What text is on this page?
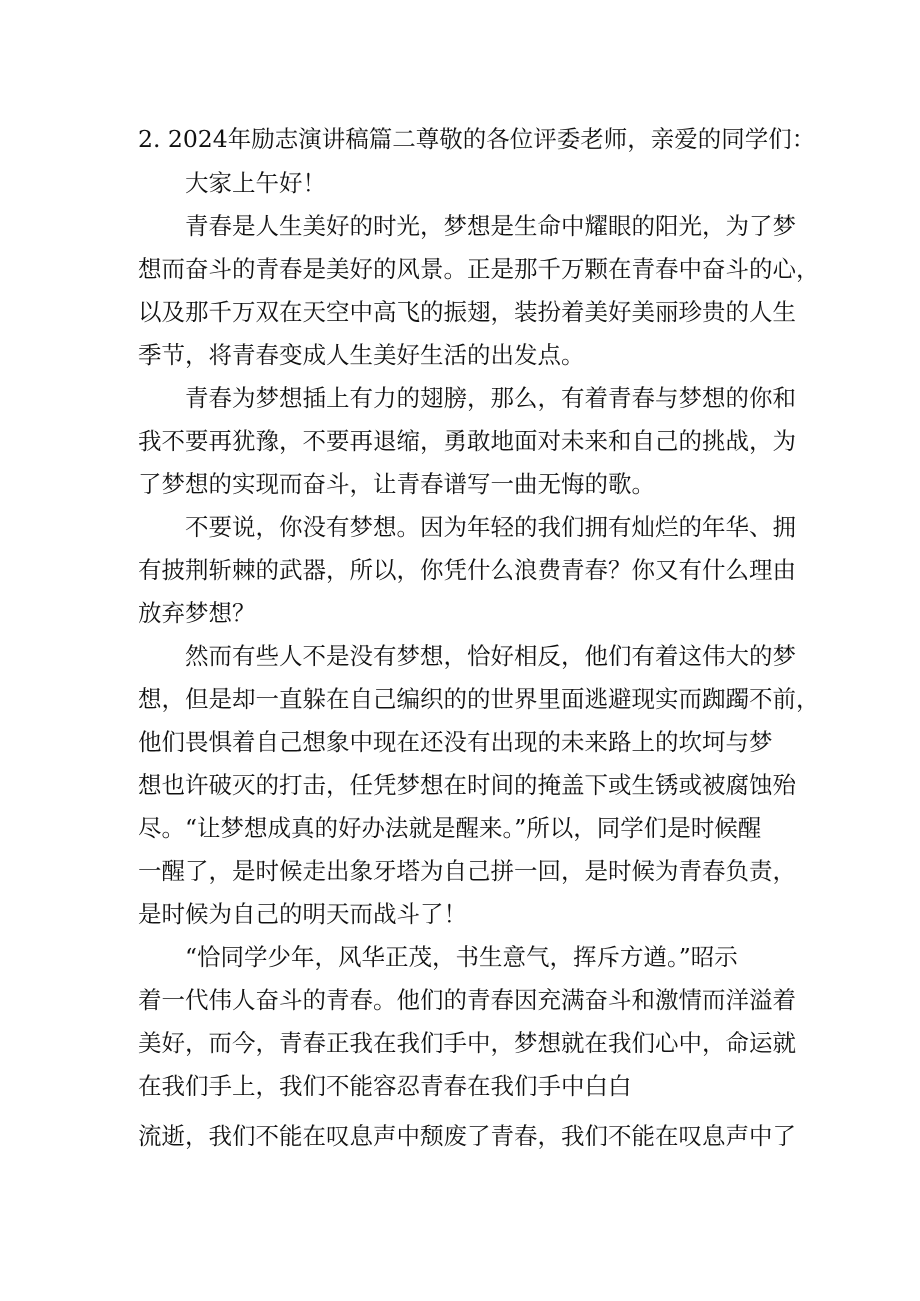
2. 2024年励志演讲稿篇二尊敬的各位评委老师，亲爱的同学们：
大家上午好！
青春是人生美好的时光，梦想是生命中耀眼的阳光，为了梦
想而奋斗的青春是美好的风景。正是那千万颗在青春中奋斗的心，
以及那千万双在天空中高飞的振翅，装扮着美好美丽珍贵的人生
季节，将青春变成人生美好生活的出发点。
青春为梦想插上有力的翅膀，那么，有着青春与梦想的你和
我不要再犹豫，不要再退缩，勇敢地面对未来和自己的挑战，为
了梦想的实现而奋斗，让青春谱写一曲无悔的歌。
不要说，你没有梦想。因为年轻的我们拥有灿烂的年华、拥
有披荆斩棘的武器，所以，你凭什么浪费青春？你又有什么理由
放弃梦想？
然而有些人不是没有梦想，恰好相反，他们有着这伟大的梦
想，但是却一直躲在自己编织的的世界里面逃避现实而踟躅不前，
他们畏惧着自己想象中现在还没有出现的未来路上的坎坷与梦
想也许破灭的打击，任凭梦想在时间的掩盖下或生锈或被腐蚀殆
尽。“让梦想成真的好办法就是醒来。”所以，同学们是时候醒
一醒了，是时候走出象牙塔为自己拼一回，是时候为青春负责，
是时候为自己的明天而战斗了！
“恰同学少年，风华正茂，书生意气，挥斥方遒。”昭示
着一代伟人奋斗的青春。他们的青春因充满奋斗和激情而洋溢着
美好，而今，青春正我在我们手中，梦想就在我们心中，命运就
在我们手上，我们不能容忍青春在我们手中白白
流逝，我们不能在叹息声中颓废了青春，我们不能在叹息声中了
